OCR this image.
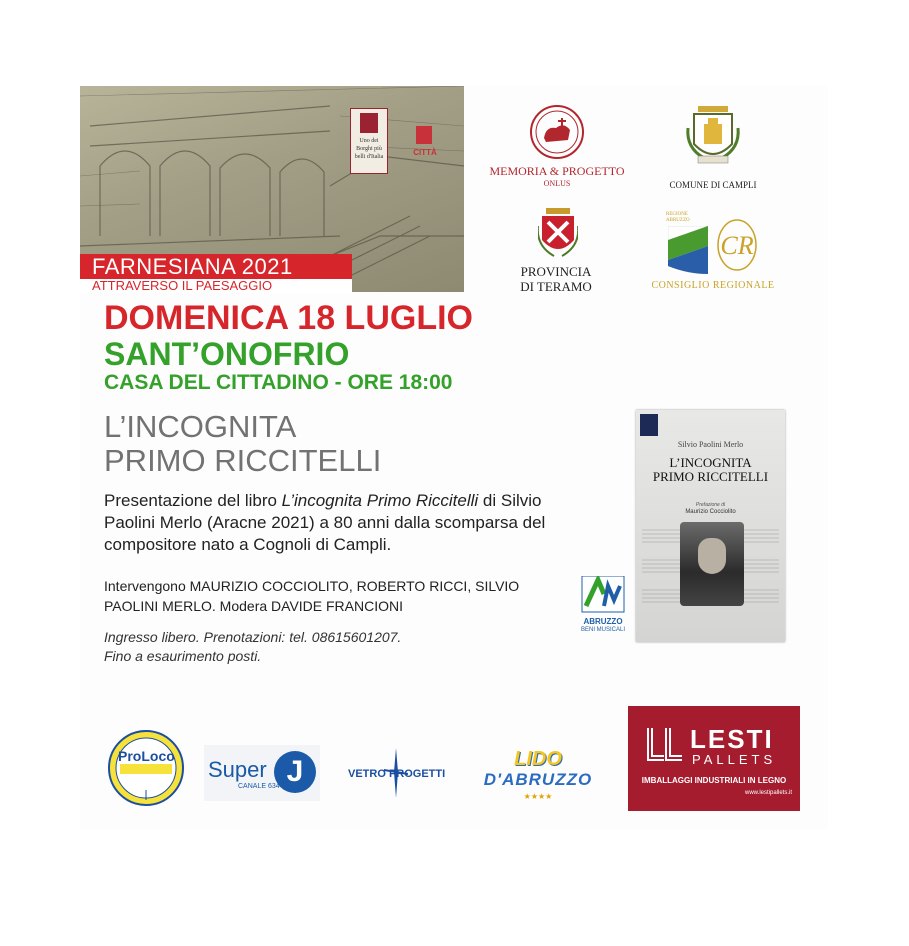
Uno dei Borghi più belli d'Italia	CITTÀ
FARNESIANA 2021
ATTRAVERSO IL PAESAGGIO
MEMORIA & PROGETTO
ONLUS	COMUNE DI CAMPLI
PROVINCIA
DI TERAMO
REGIONE ABRUZZO
CR
CONSIGLIO REGIONALE
DOMENICA 18 LUGLIO
SANT’ONOFRIO
CASA DEL CITTADINO - ORE 18:00
L’INCOGNITA
PRIMO RICCITELLI
Presentazione del libro L’incognita Primo Riccitelli di Silvio Paolini Merlo (Aracne 2021) a 80 anni dalla scomparsa del compositore nato a Cognoli di Campli.
Intervengono MAURIZIO COCCIOLITO, ROBERTO RICCI, SILVIO PAOLINI MERLO. Modera DAVIDE FRANCIONI
Ingresso libero. Prenotazioni: tel. 08615601207.
Fino a esaurimento posti.
Silvio Paolini Merlo
L’INCOGNITA
PRIMO RICCITELLI
Prefazione di
Maurizio Cocciolito
ABRUZZO
BENI MUSICALI
ProLoco
Super
CANALE 634 J	VETRO PROGETTI
LIDO
D'ABRUZZO
★★★★
LESTI
PALLETS
IMBALLAGGI INDUSTRIALI IN LEGNO
www.lestipallets.it
